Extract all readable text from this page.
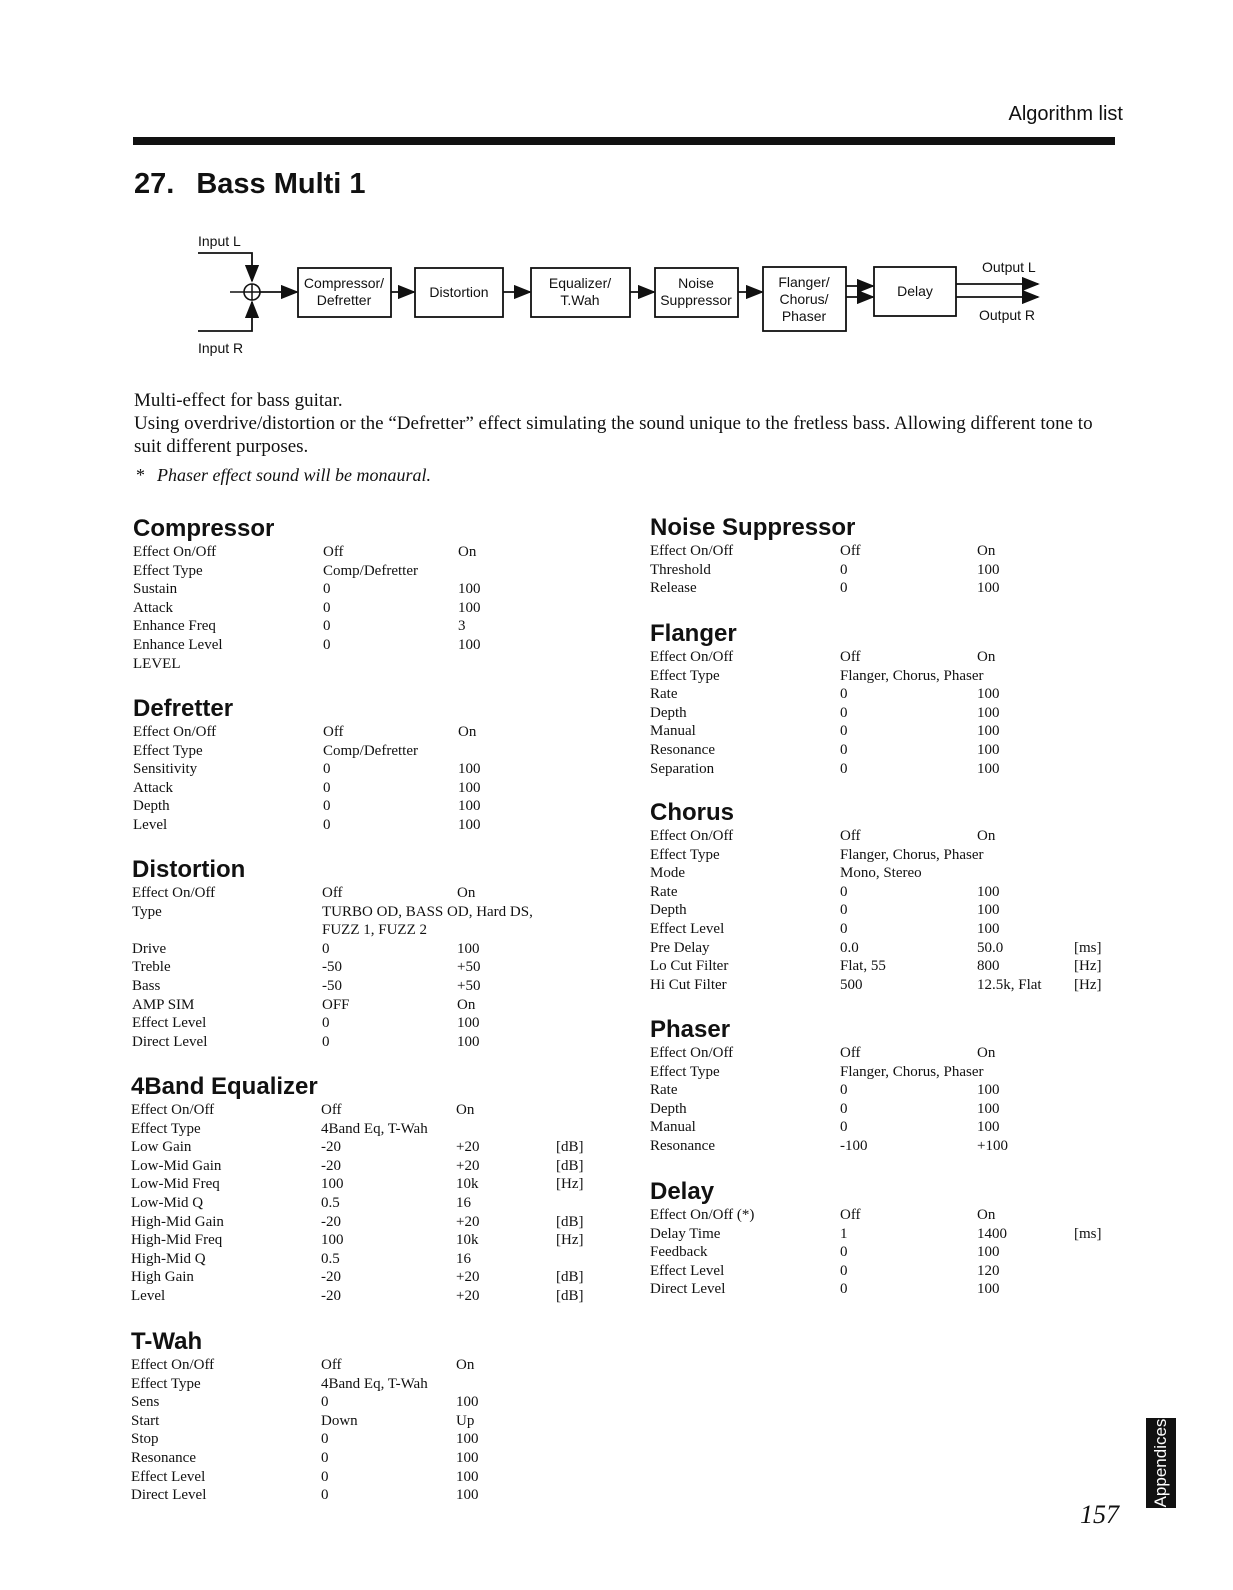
Algorithm list
27. Bass Multi 1
Input L
Input R
Compressor/
Defretter	Distortion
Equalizer/
T.Wah
Noise
Suppressor
Flanger/
Chorus/
Phaser
Delay
Output L
Output R

Multi-effect for bass guitar.

Using overdrive/distortion or the “Defretter” effect simulating the sound unique to the fretless bass. Allowing different tone to suit different purposes.

* Phaser effect sound will be monaural.

Compressor
Effect On/Off	Off	On
Effect Type	Comp/Defretter
Sustain	0	100
Attack	0	100
Enhance Freq	0	3
Enhance Level	0	100
LEVEL
Defretter
Effect On/Off	Off	On
Effect Type	Comp/Defretter
Sensitivity	0	100
Attack	0	100
Depth	0	100
Level	0	100
Distortion
Effect On/Off	Off	On
Type	TURBO OD, BASS OD, Hard DS,
FUZZ 1, FUZZ 2
Drive	0	100
Treble	-50	+50
Bass	-50	+50
AMP SIM	OFF	On
Effect Level	0	100
Direct Level	0	100
4Band Equalizer
Effect On/Off	Off	On
Effect Type	4Band Eq, T-Wah
Low Gain	-20	+20	[dB]
Low-Mid Gain	-20	+20	[dB]
Low-Mid Freq	100	10k	[Hz]
Low-Mid Q	0.5	16
High-Mid Gain	-20	+20	[dB]
High-Mid Freq	100	10k	[Hz]
High-Mid Q	0.5	16
High Gain	-20	+20	[dB]
Level	-20	+20	[dB]
T-Wah
Effect On/Off	Off	On
Effect Type	4Band Eq, T-Wah
Sens	0	100
Start	Down	Up
Stop	0	100
Resonance	0	100
Effect Level	0	100
Direct Level	0	100
Noise Suppressor
Effect On/Off	Off	On
Threshold	0	100
Release	0	100
Flanger
Effect On/Off	Off	On
Effect Type	Flanger, Chorus, Phaser
Rate	0	100
Depth	0	100
Manual	0	100
Resonance	0	100
Separation	0	100
Chorus
Effect On/Off	Off	On
Effect Type	Flanger, Chorus, Phaser
Mode	Mono, Stereo
Rate	0	100
Depth	0	100
Effect Level	0	100
Pre Delay	0.0	50.0	[ms]
Lo Cut Filter	Flat, 55	800	[Hz]
Hi Cut Filter	500	12.5k, Flat [Hz]
Phaser
Effect On/Off	Off	On
Effect Type	Flanger, Chorus, Phaser
Rate	0	100
Depth	0	100
Manual	0	100
Resonance	-100	+100
Delay
Effect On/Off (*)	Off	On
Delay Time	1	1400	[ms]
Feedback	0	100
Effect Level	0	120
Direct Level	0	100
Appendices
157
